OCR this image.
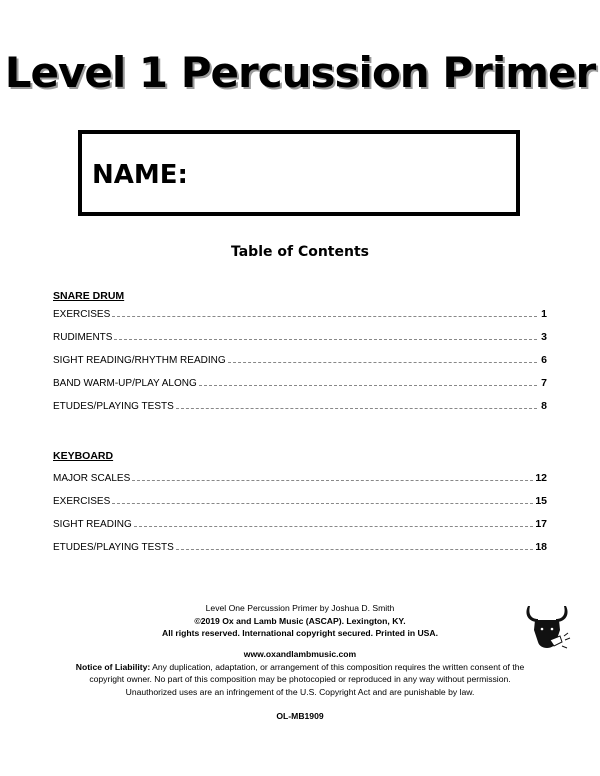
Level 1 Percussion Primer
NAME:
Table of Contents
SNARE DRUM
EXERCISES	1
RUDIMENTS	3
SIGHT READING/RHYTHM READING	6
BAND WARM-UP/PLAY ALONG	7
ETUDES/PLAYING TESTS	8
KEYBOARD
MAJOR SCALES	12
EXERCISES	15
SIGHT READING	17
ETUDES/PLAYING TESTS	18
Level One Percussion Primer by Joshua D. Smith
©2019 Ox and Lamb Music (ASCAP). Lexington, KY.
All rights reserved. International copyright secured. Printed in USA.
www.oxandlambmusic.com
Notice of Liability: Any duplication, adaptation, or arrangement of this composition requires the written consent of the
copyright owner. No part of this composition may be photocopied or reproduced in any way without permission.
Unauthorized uses are an infringement of the U.S. Copyright Act and are punishable by law.
OL-MB1909
